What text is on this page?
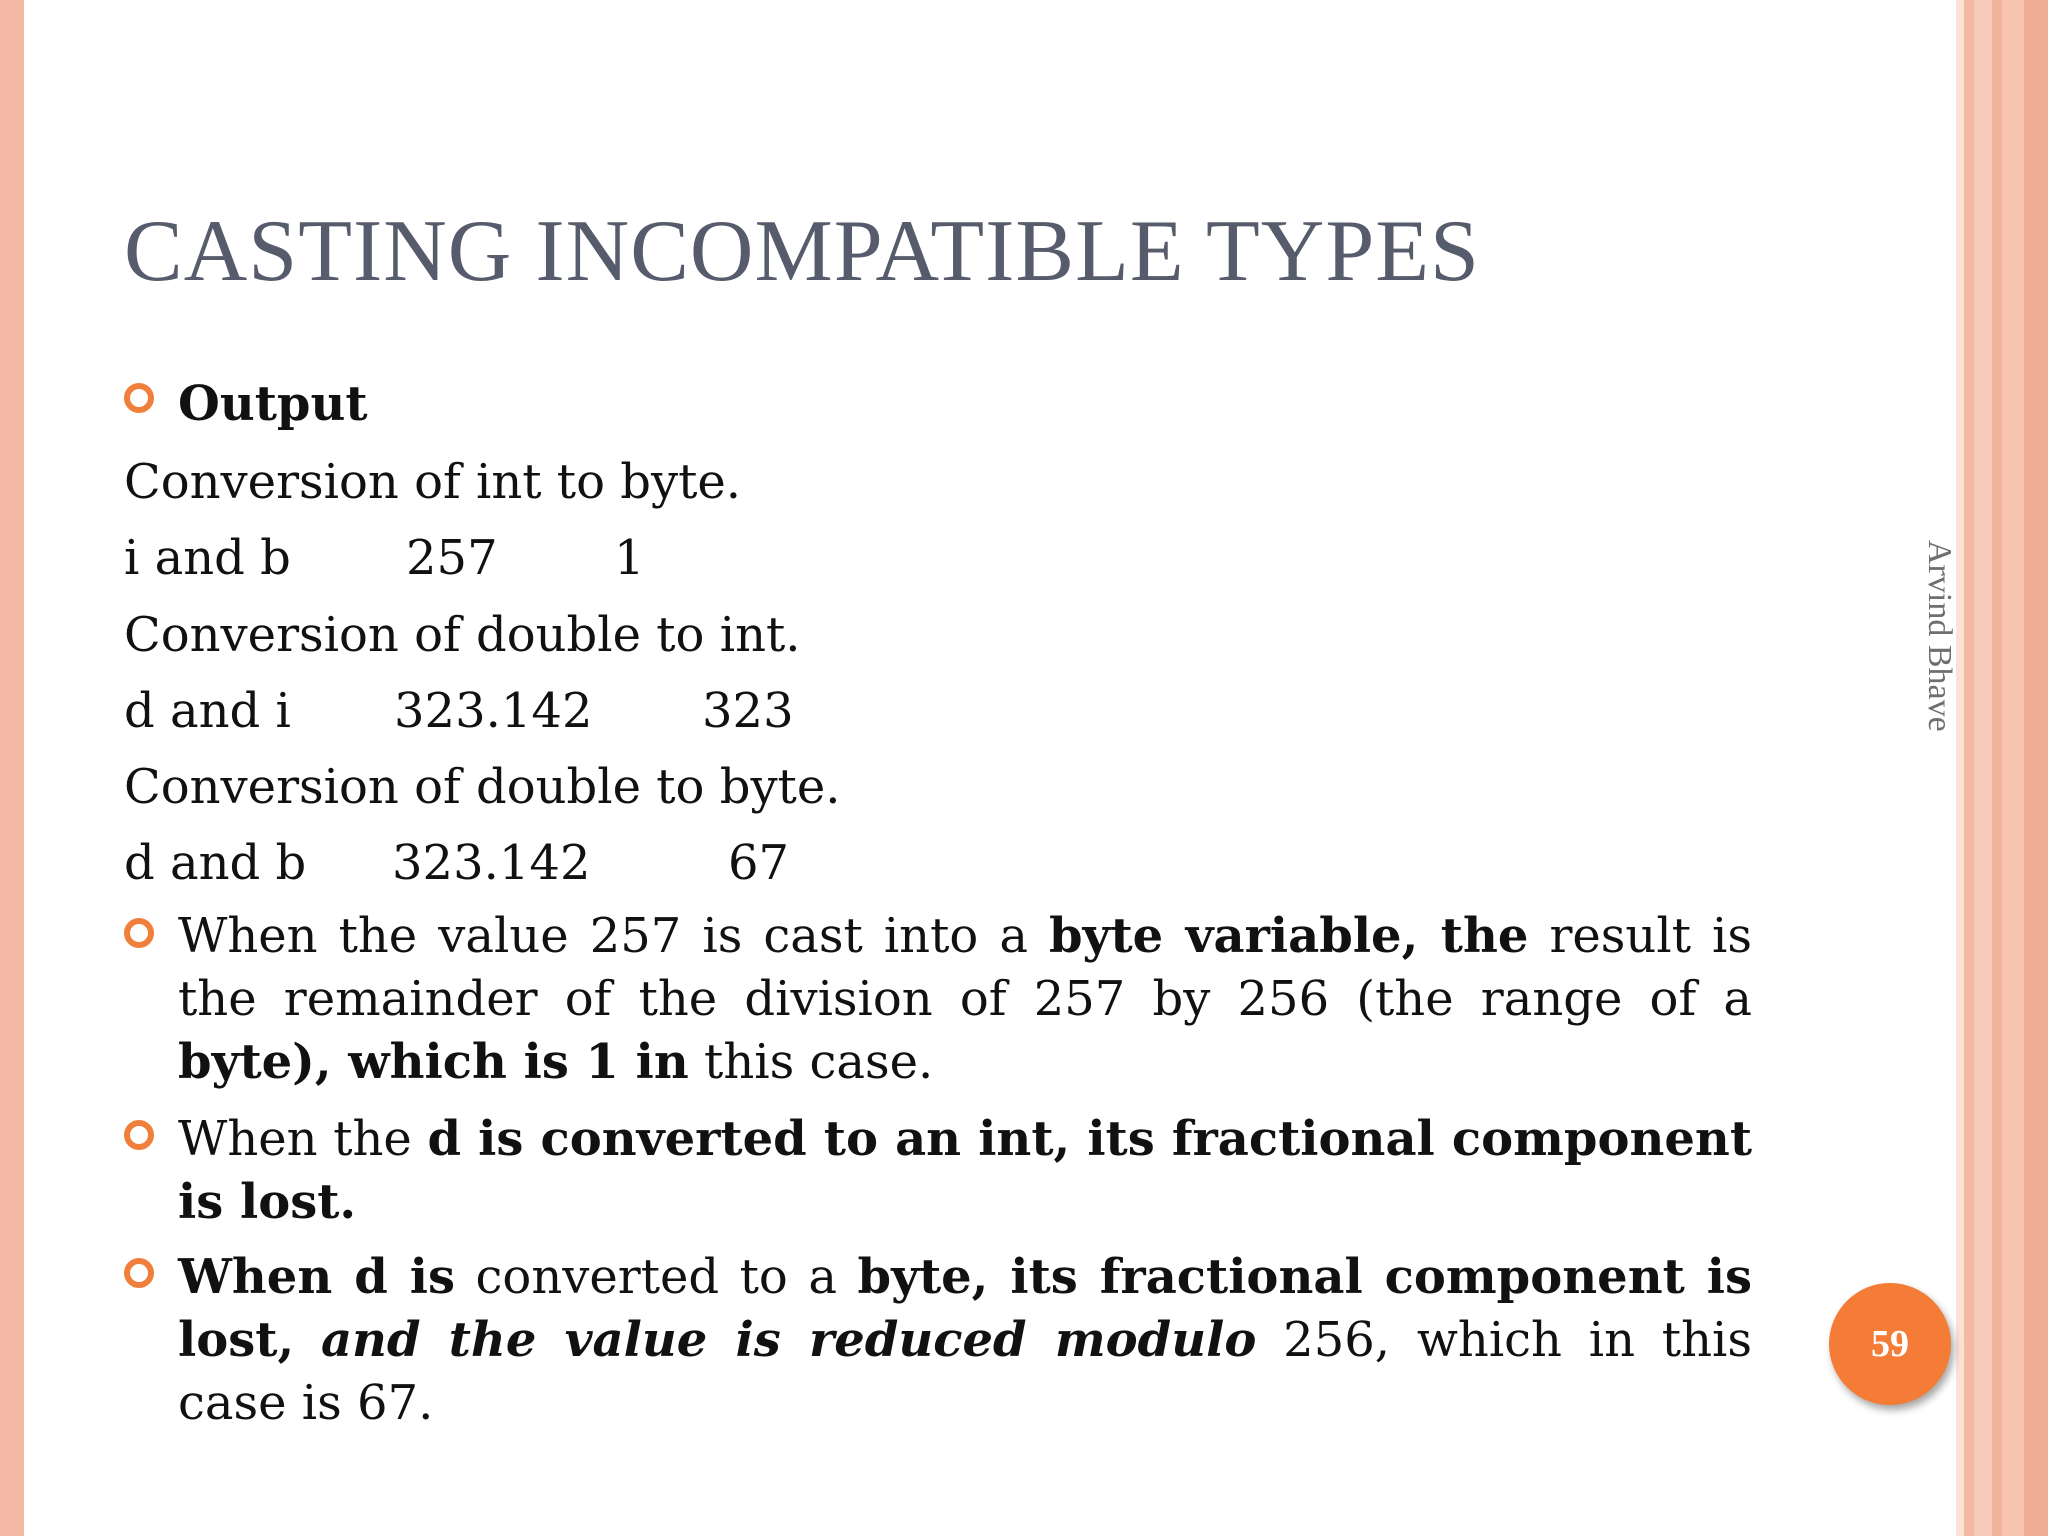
CASTING INCOMPATIBLE TYPES
Output
Conversion of int to byte.
i and b 257 1
Conversion of double to int.
d and i 323.142 323
Conversion of double to byte.
d and b 323.142	67
When the value 257 is cast into a byte variable, the result is the remainder of the division of 257 by 256 (the range of a byte), which is 1 in this case.
When the d is converted to an int, its fractional component is lost.
When d is converted to a byte, its fractional component is lost, and the value is reduced modulo 256, which in this case is 67.
Arvind Bhave
59
